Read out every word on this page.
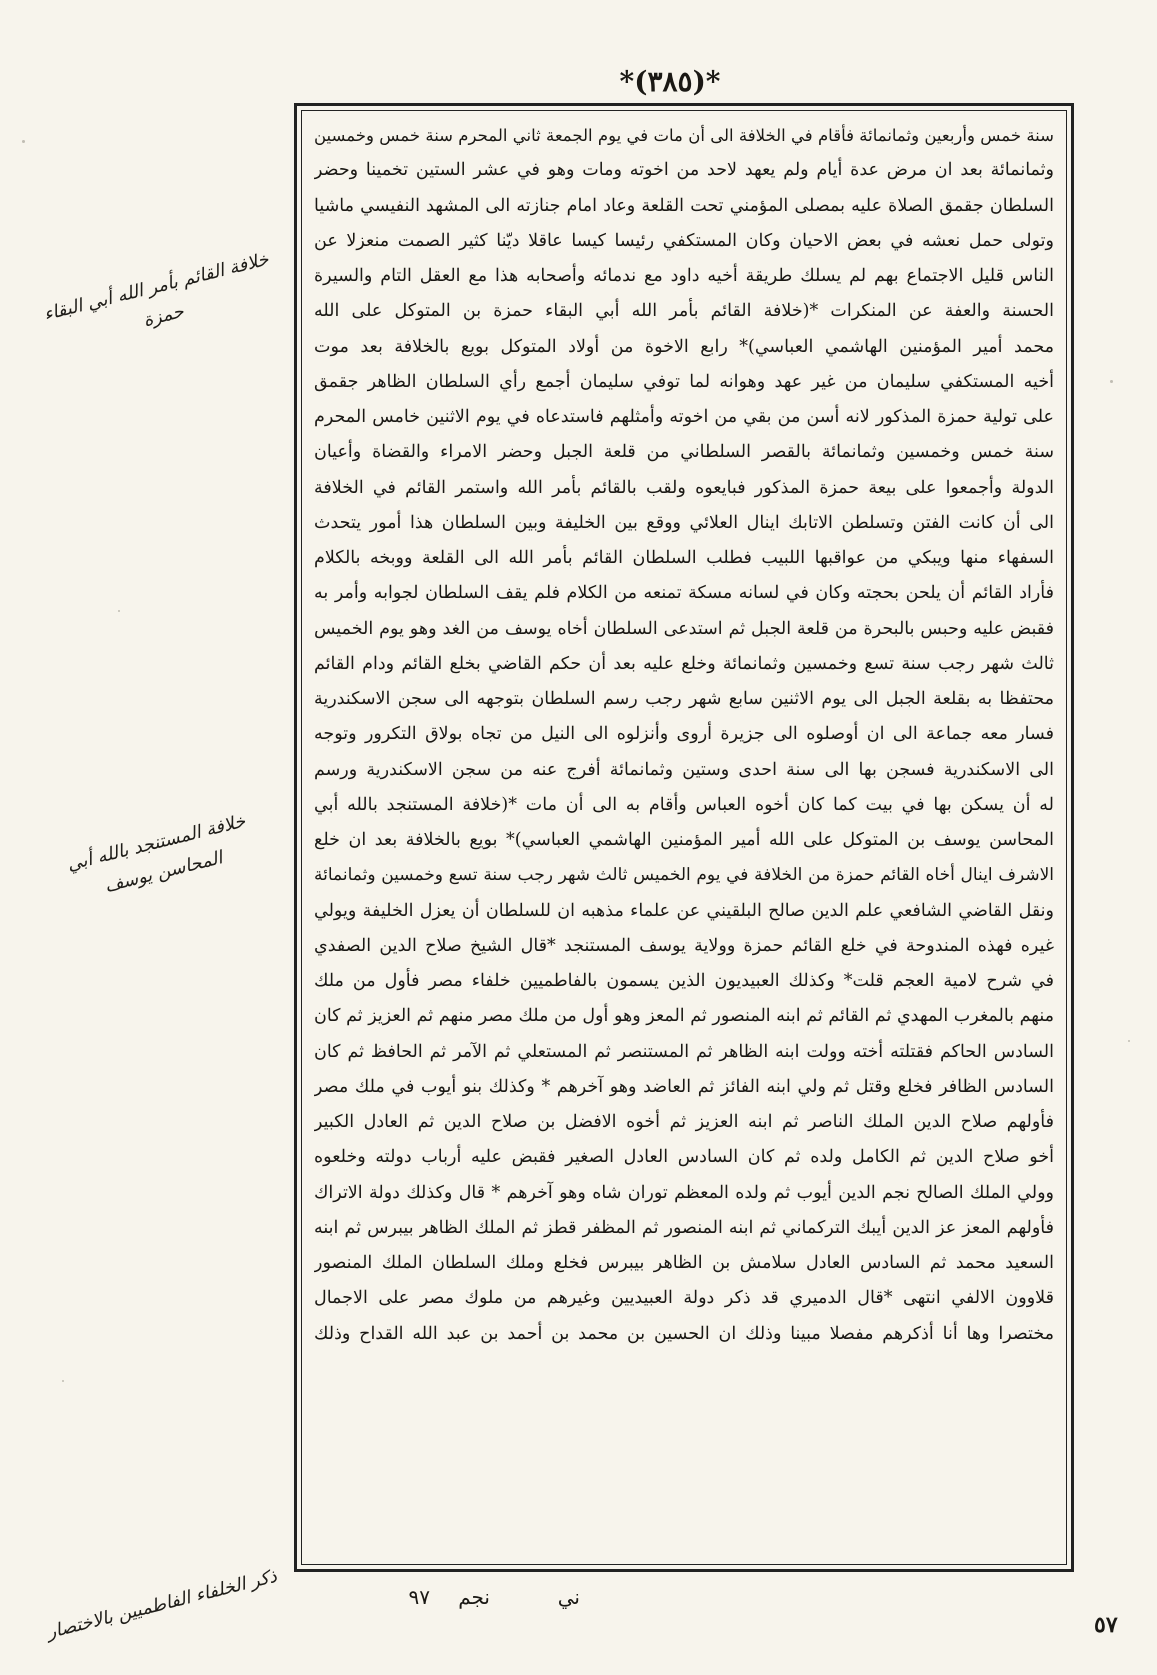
*(٣٨٥)*
سنة خمس وأربعين وثمانمائة فأقام في الخلافة الى أن مات في يوم الجمعة ثاني المحرم سنة خمس وخمسين
وثمانمائة بعد ان مرض عدة أيام ولم يعهد لاحد من اخوته ومات وهو في عشر الستين تخمينا وحضر
السلطان جقمق الصلاة عليه بمصلى المؤمني تحت القلعة وعاد امام جنازته الى المشهد النفيسي ماشيا
وتولى حمل نعشه في بعض الاحيان وكان المستكفي رئيسا كيسا عاقلا ديّنا كثير الصمت منعزلا عن
الناس قليل الاجتماع بهم لم يسلك طريقة أخيه داود مع ندمائه وأصحابه هذا مع العقل التام والسيرة
الحسنة والعفة عن المنكرات *(خلافة القائم بأمر الله أبي البقاء حمزة بن المتوكل على الله
محمد أمير المؤمنين الهاشمي العباسي)* رابع الاخوة من أولاد المتوكل بويع بالخلافة بعد موت
أخيه المستكفي سليمان من غير عهد وهوانه لما توفي سليمان أجمع رأي السلطان الظاهر جقمق
على تولية حمزة المذكور لانه أسن من بقي من اخوته وأمثلهم فاستدعاه في يوم الاثنين خامس المحرم
سنة خمس وخمسين وثمانمائة بالقصر السلطاني من قلعة الجبل وحضر الامراء والقضاة وأعيان
الدولة وأجمعوا على بيعة حمزة المذكور فبايعوه ولقب بالقائم بأمر الله واستمر القائم في الخلافة
الى أن كانت الفتن وتسلطن الاتابك اينال العلائي ووقع بين الخليفة وبين السلطان هذا أمور يتحدث
السفهاء منها ويبكي من عواقبها اللبيب فطلب السلطان القائم بأمر الله الى القلعة ووبخه بالكلام
فأراد القائم أن يلحن بحجته وكان في لسانه مسكة تمنعه من الكلام فلم يقف السلطان لجوابه وأمر به
فقبض عليه وحبس بالبحرة من قلعة الجبل ثم استدعى السلطان أخاه يوسف من الغد وهو يوم الخميس
ثالث شهر رجب سنة تسع وخمسين وثمانمائة وخلع عليه بعد أن حكم القاضي بخلع القائم ودام القائم
محتفظا به بقلعة الجبل الى يوم الاثنين سابع شهر رجب رسم السلطان بتوجهه الى سجن الاسكندرية
فسار معه جماعة الى ان أوصلوه الى جزيرة أروى وأنزلوه الى النيل من تجاه بولاق التكرور وتوجه
الى الاسكندرية فسجن بها الى سنة احدى وستين وثمانمائة أفرج عنه من سجن الاسكندرية ورسم
له أن يسكن بها في بيت كما كان أخوه العباس وأقام به الى أن مات *(خلافة المستنجد بالله أبي
المحاسن يوسف بن المتوكل على الله أمير المؤمنين الهاشمي العباسي)* بويع بالخلافة بعد ان خلع
الاشرف اينال أخاه القائم حمزة من الخلافة في يوم الخميس ثالث شهر رجب سنة تسع وخمسين وثمانمائة
ونقل القاضي الشافعي علم الدين صالح البلقيني عن علماء مذهبه ان للسلطان أن يعزل الخليفة ويولي
غيره فهذه المندوحة في خلع القائم حمزة وولاية يوسف المستنجد *قال الشيخ صلاح الدين الصفدي
في شرح لامية العجم قلت* وكذلك العبيديون الذين يسمون بالفاطميين خلفاء مصر فأول من ملك
منهم بالمغرب المهدي ثم القائم ثم ابنه المنصور ثم المعز وهو أول من ملك مصر منهم ثم العزيز ثم كان
السادس الحاكم فقتلته أخته وولت ابنه الظاهر ثم المستنصر ثم المستعلي ثم الآمر ثم الحافظ ثم كان
السادس الظافر فخلع وقتل ثم ولي ابنه الفائز ثم العاضد وهو آخرهم * وكذلك بنو أيوب في ملك مصر
فأولهم صلاح الدين الملك الناصر ثم ابنه العزيز ثم أخوه الافضل بن صلاح الدين ثم العادل الكبير
أخو صلاح الدين ثم الكامل ولده ثم كان السادس العادل الصغير فقبض عليه أرباب دولته وخلعوه
وولي الملك الصالح نجم الدين أيوب ثم ولده المعظم توران شاه وهو آخرهم * قال وكذلك دولة الاتراك
فأولهم المعز عز الدين أيبك التركماني ثم ابنه المنصور ثم المظفر قطز ثم الملك الظاهر بيبرس ثم ابنه
السعيد محمد ثم السادس العادل سلامش بن الظاهر بيبرس فخلع وملك السلطان الملك المنصور
قلاوون الالفي انتهى *قال الدميري قد ذكر دولة العبيديين وغيرهم من ملوك مصر على الاجمال
مختصرا وها أنا أذكرهم مفصلا مبينا وذلك ان الحسين بن محمد بن أحمد بن عبد الله القداح وذلك
خلافة القائم بأمر الله أبي البقاء حمزة
خلافة المستنجد بالله أبي المحاسن يوسف
ذكر الخلفاء الفاطميين بالاختصار	٩٧ نجم	ني
٥٧
